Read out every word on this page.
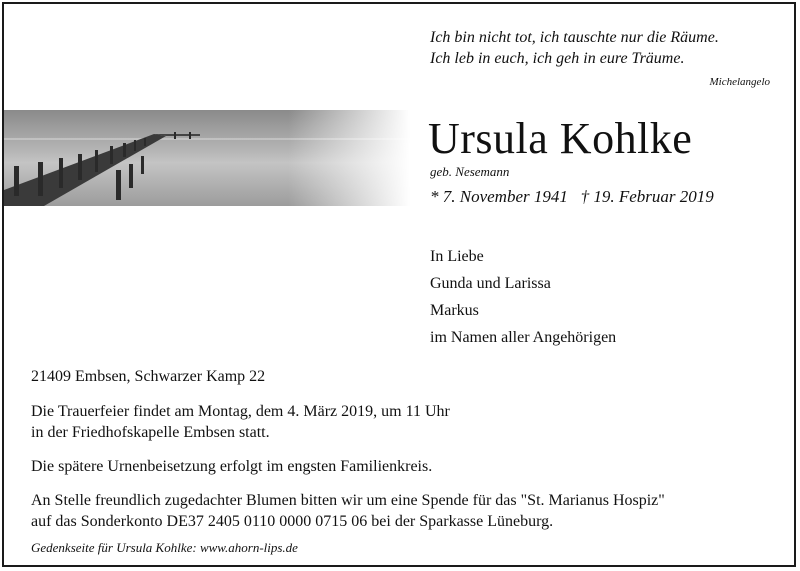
Ich bin nicht tot, ich tauschte nur die Räume.
Ich leb in euch, ich geh in eure Träume.
Michelangelo
Ursula Kohlke
geb. Nesemann
* 7. November 1941   † 19. Februar 2019
In Liebe
Gunda und Larissa
Markus
im Namen aller Angehörigen
21409 Embsen, Schwarzer Kamp 22
Die Trauerfeier findet am Montag, dem 4. März 2019, um 11 Uhr
in der Friedhofskapelle Embsen statt.
Die spätere Urnenbeisetzung erfolgt im engsten Familienkreis.
An Stelle freundlich zugedachter Blumen bitten wir um eine Spende für das "St. Marianus Hospiz"
auf das Sonderkonto DE37 2405 0110 0000 0715 06 bei der Sparkasse Lüneburg.
Gedenkseite für Ursula Kohlke: www.ahorn-lips.de
